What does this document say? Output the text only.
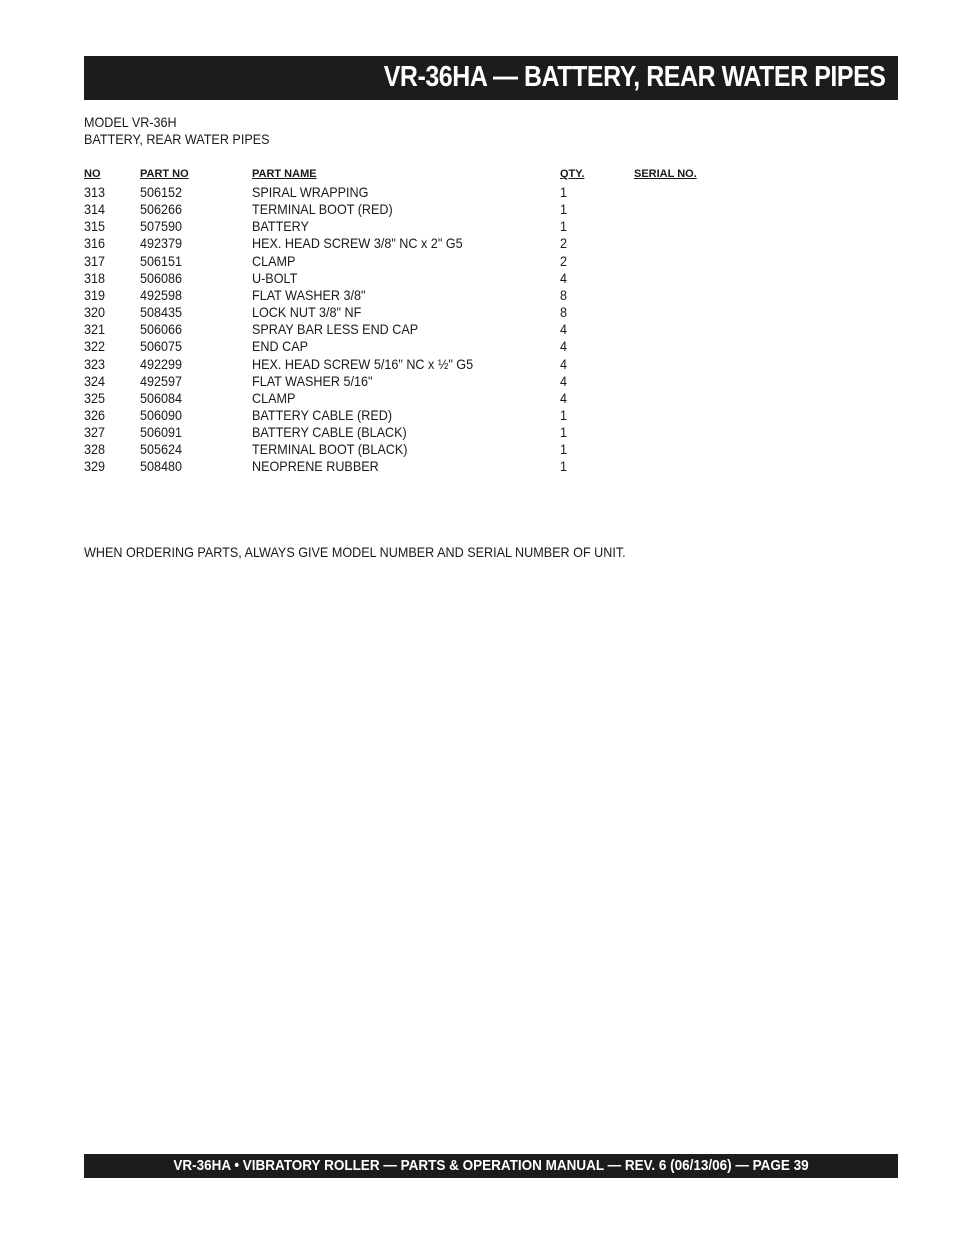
VR-36HA — BATTERY, REAR WATER PIPES
MODEL VR-36H
BATTERY, REAR WATER PIPES
NO	PART NO	PART NAME	QTY.	SERIAL NO.
313 506152	SPIRAL WRAPPING	1
314 506266	TERMINAL BOOT (RED)	1
315 507590	BATTERY	1
316 492379	HEX. HEAD SCREW 3/8" NC x 2" G5	2
317 506151	CLAMP	2
318 506086	U-BOLT	4
319 492598	FLAT WASHER 3/8"	8
320 508435	LOCK NUT 3/8" NF	8
321 506066	SPRAY BAR LESS END CAP	4
322 506075	END CAP	4
323 492299	HEX. HEAD SCREW 5/16" NC x ½" G5	4
324 492597	FLAT WASHER 5/16"	4
325 506084	CLAMP	4
326 506090	BATTERY CABLE (RED)	1
327 506091	BATTERY CABLE (BLACK)	1
328 505624	TERMINAL BOOT (BLACK)	1
329 508480	NEOPRENE RUBBER	1
WHEN ORDERING PARTS, ALWAYS GIVE MODEL NUMBER AND SERIAL NUMBER OF UNIT.
VR-36HA • VIBRATORY ROLLER — PARTS & OPERATION MANUAL — REV. 6 (06/13/06) — PAGE 39
